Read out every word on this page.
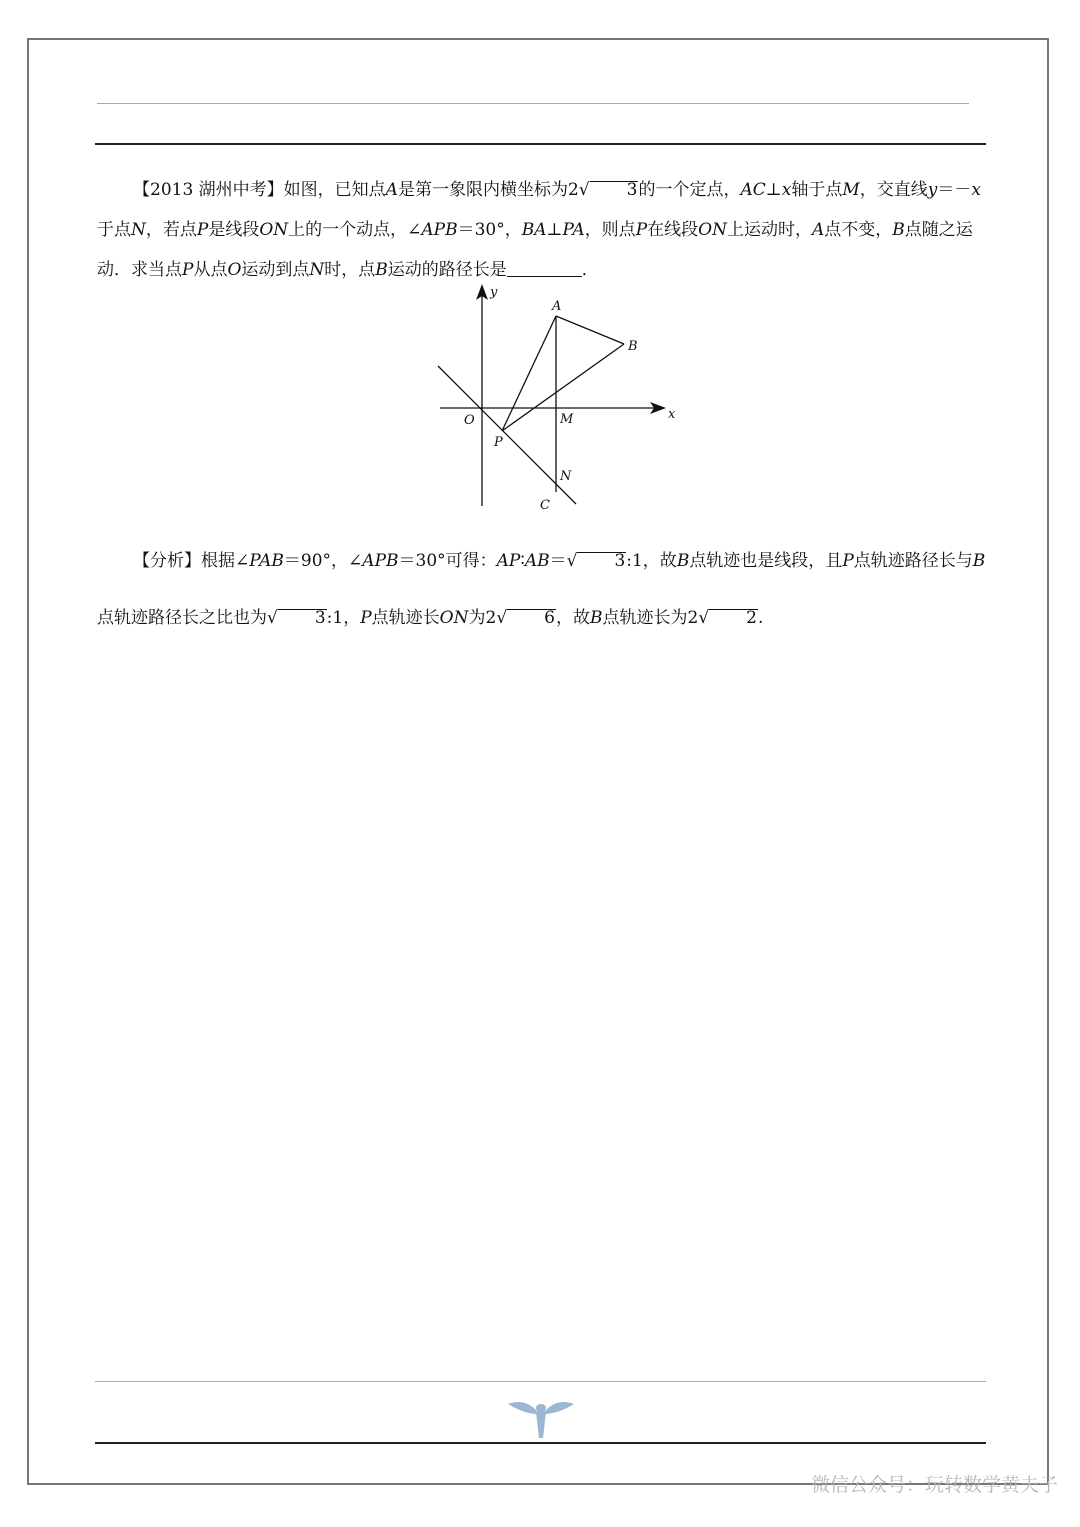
【2013 湖州中考】如图，已知点A是第一象限内横坐标为2√ 3的一个定点，AC⊥x轴于点M，交直线y＝－x于点N，若点P是线段ON上的一个动点，∠APB＝30°，BA⊥PA，则点P在线段ON上运动时，A点不变，B点随之运动．求当点P从点O运动到点N时，点B运动的路径长是	．
y
x
O
A
B
M
P
N
C
【分析】根据∠PAB＝90°，∠APB＝30°可得：AP∶AB＝√ 3:1，故B点轨迹也是线段，且P点轨迹路径长与B点轨迹路径长之比也为√ 3:1，P点轨迹长ON为2√ 6，故B点轨迹长为2√ 2.
微信公众号：玩转数学黄夫子
